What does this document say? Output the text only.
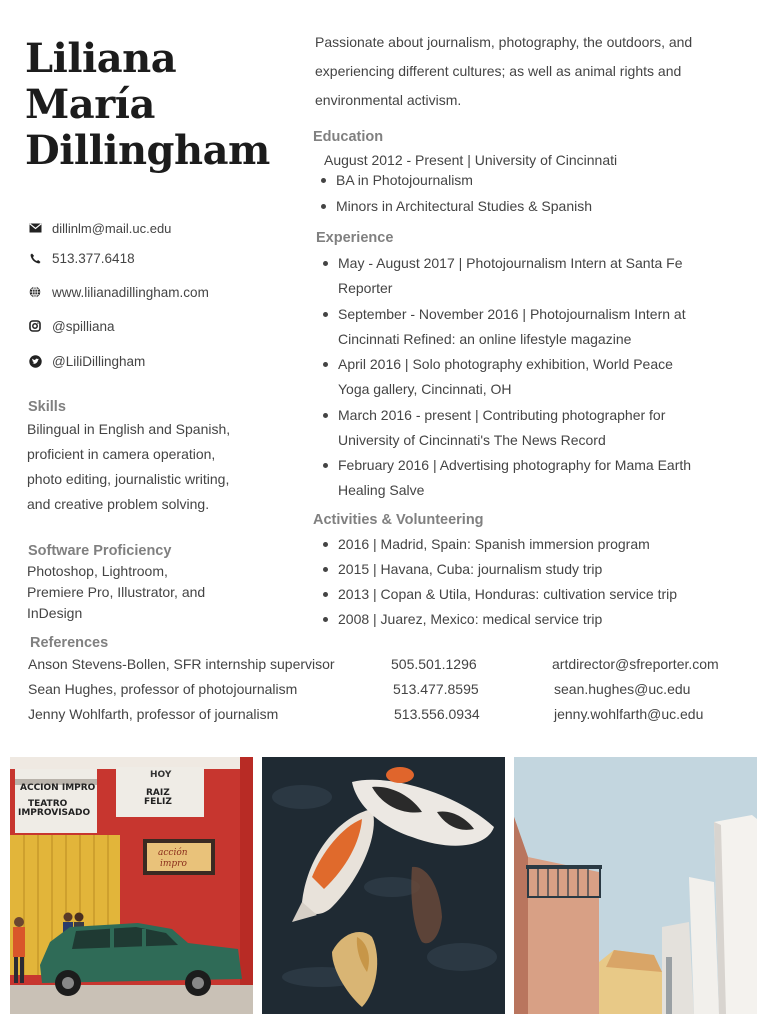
Liliana
María
Dillingham
dillinlm@mail.uc.edu
513.377.6418
www.lilianadillingham.com
@spilliana
@LiliDillingham
Skills
Bilingual in English and Spanish,
proficient in camera operation,
photo editing, journalistic writing,
and creative problem solving.
Software Proficiency
Photoshop, Lightroom,
Premiere Pro, Illustrator, and
InDesign
Passionate about journalism, photography, the outdoors, and
experiencing different cultures; as well as animal rights and
environmental activism.
Education
August 2012 - Present | University of Cincinnati
BA in Photojournalism
Minors in Architectural Studies & Spanish
Experience
May - August 2017 | Photojournalism Intern at Santa Fe
Reporter
September - November 2016 | Photojournalism Intern at
Cincinnati Refined: an online lifestyle magazine
April 2016 | Solo photography exhibition, World Peace
Yoga gallery, Cincinnati, OH
March 2016 - present | Contributing photographer for
University of Cincinnati's The News Record
February 2016 | Advertising photography for Mama Earth
Healing Salve
Activities & Volunteering
2016 | Madrid, Spain: Spanish immersion program
2015 | Havana, Cuba: journalism study trip
2013 | Copan & Utila, Honduras: cultivation service trip
2008 | Juarez, Mexico: medical service trip
References
Anson Stevens-Bollen, SFR internship supervisor	505.501.1296	artdirector@sfreporter.com
Sean Hughes, professor of photojournalism	513.477.8595	sean.hughes@uc.edu
Jenny Wohlfarth, professor of journalism	513.556.0934	jenny.wohlfarth@uc.edu
ACCION IMPRO
HOY
TEATRO
IMPROVISADO
RAIZ
FELIZ
acción
impro
